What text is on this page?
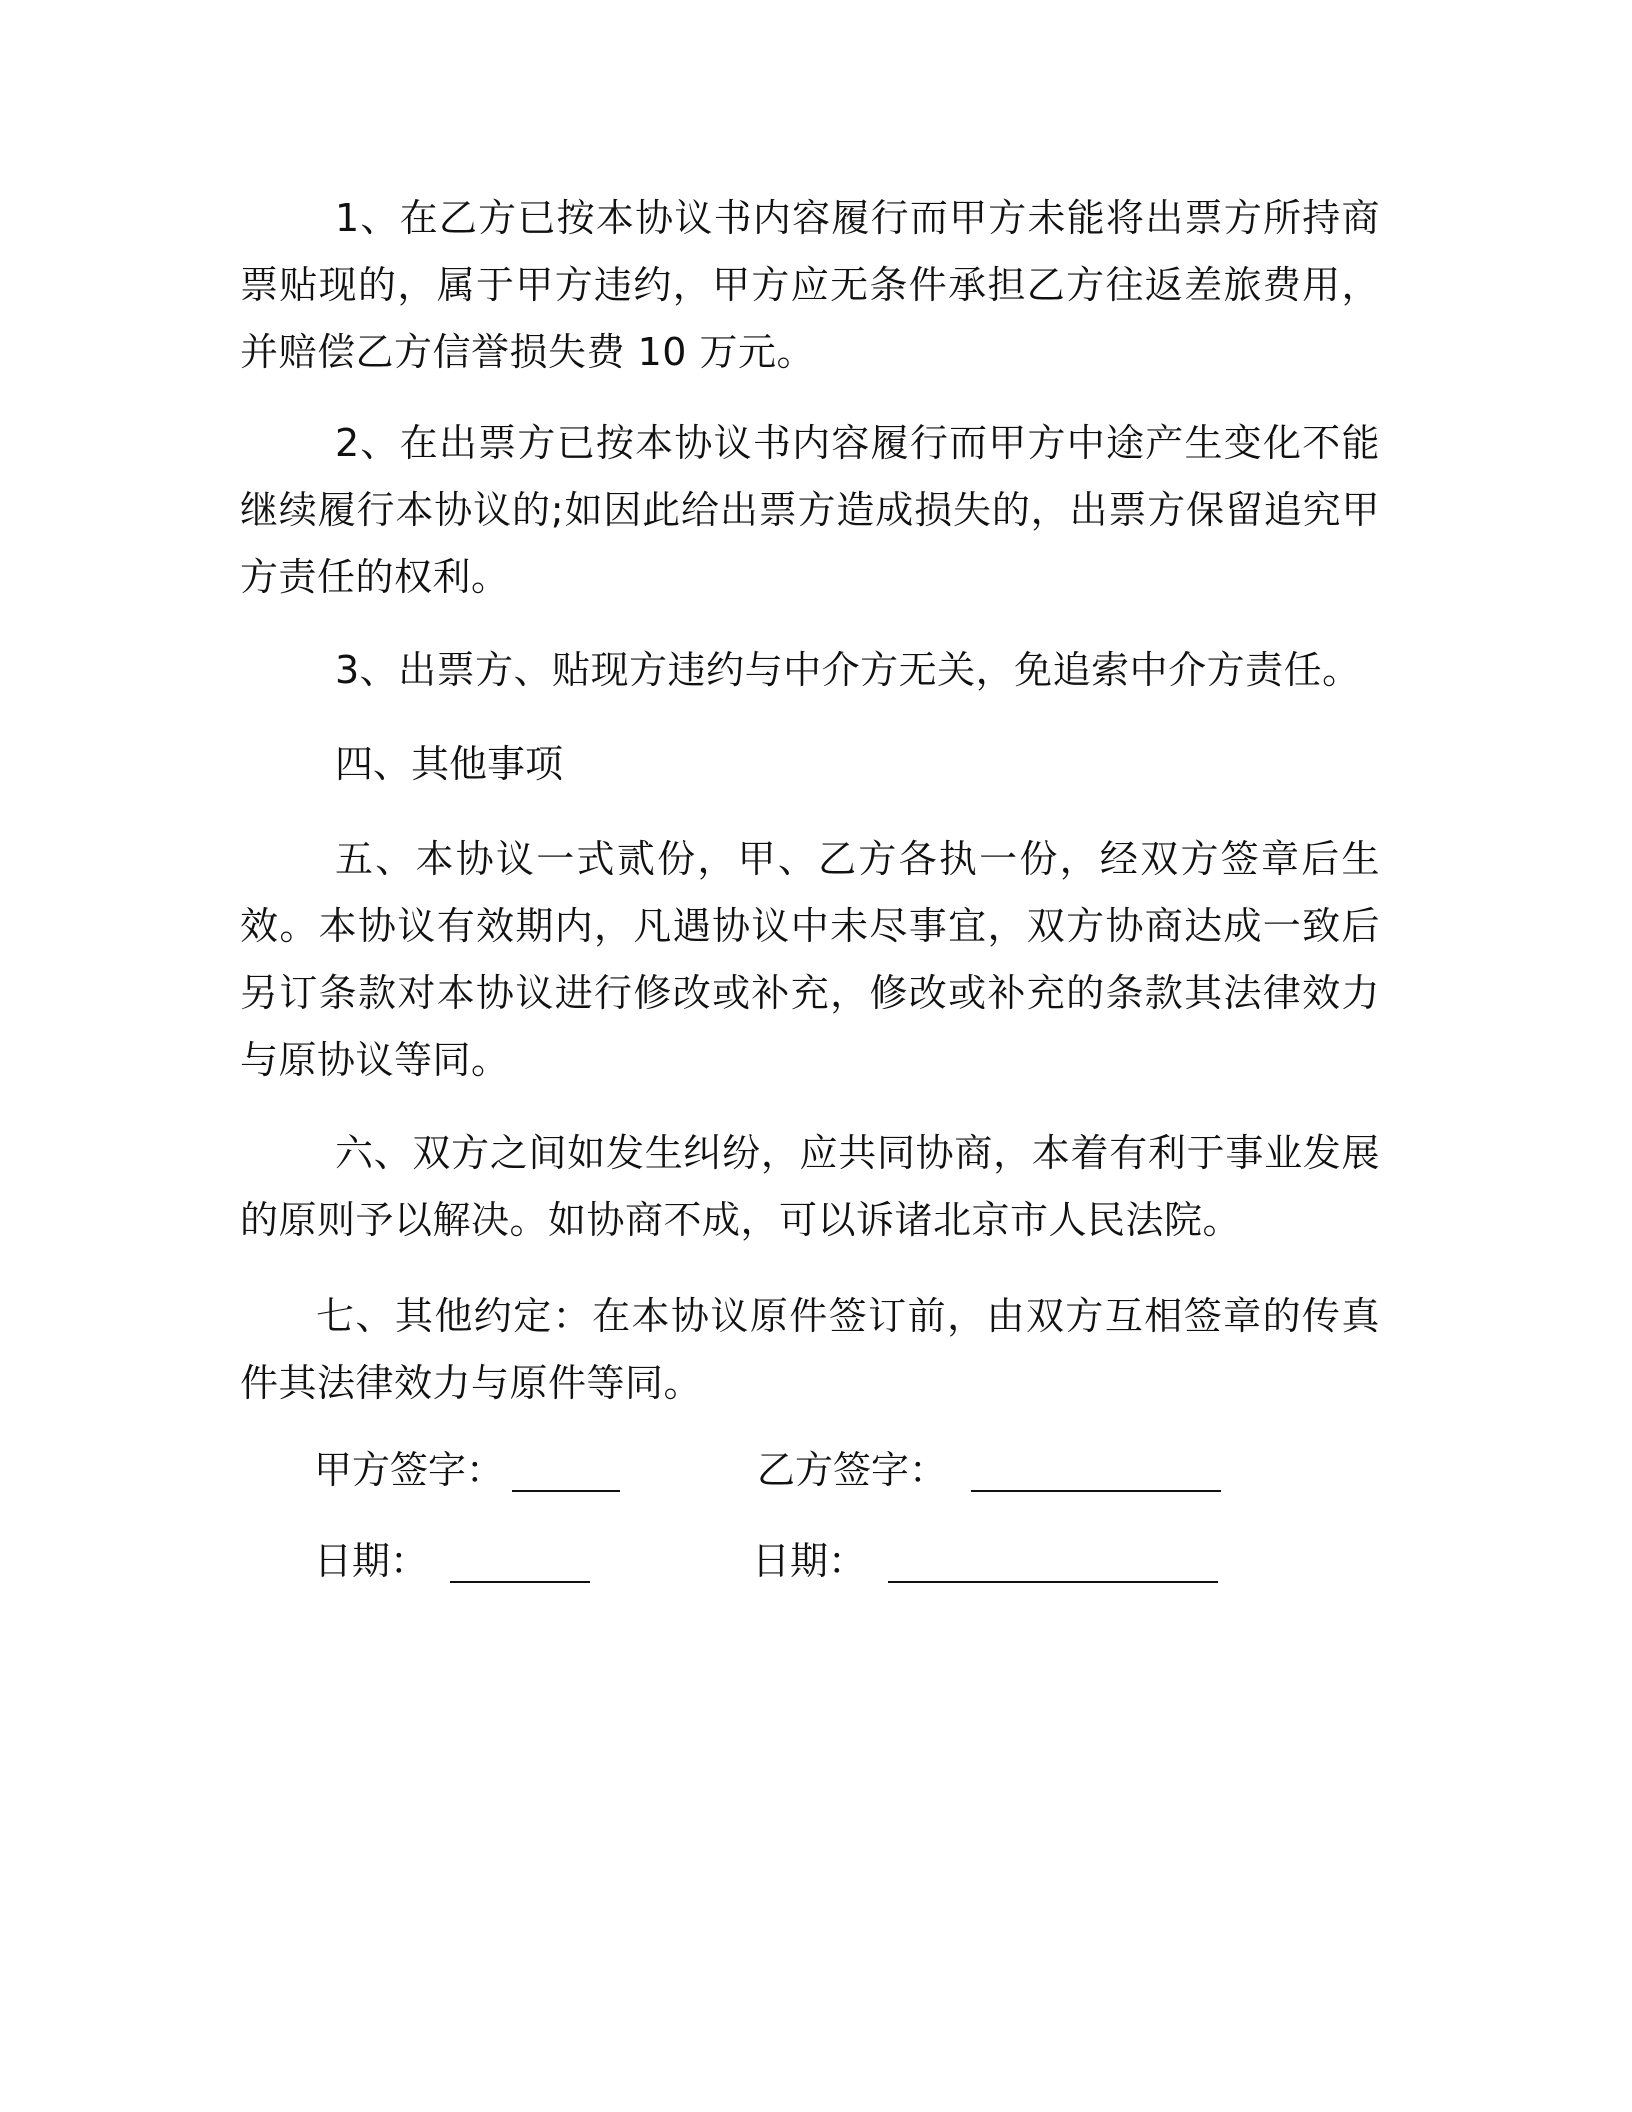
1、在乙方已按本协议书内容履行而甲方未能将出票方所持商票贴现的，属于甲方违约，甲方应无条件承担乙方往返差旅费用，并赔偿乙方信誉损失费 10 万元。

2、在出票方已按本协议书内容履行而甲方中途产生变化不能继续履行本协议的;如因此给出票方造成损失的，出票方保留追究甲方责任的权利。

3、出票方、贴现方违约与中介方无关，免追索中介方责任。

四、其他事项

五、本协议一式贰份，甲、乙方各执一份，经双方签章后生效。本协议有效期内，凡遇协议中未尽事宜，双方协商达成一致后另订条款对本协议进行修改或补充，修改或补充的条款其法律效力与原协议等同。

六、双方之间如发生纠纷，应共同协商，本着有利于事业发展的原则予以解决。如协商不成，可以诉诸北京市人民法院。

七、其他约定：在本协议原件签订前，由双方互相签章的传真件其法律效力与原件等同。

甲方签字：	乙方签字：
日期：	日期：
